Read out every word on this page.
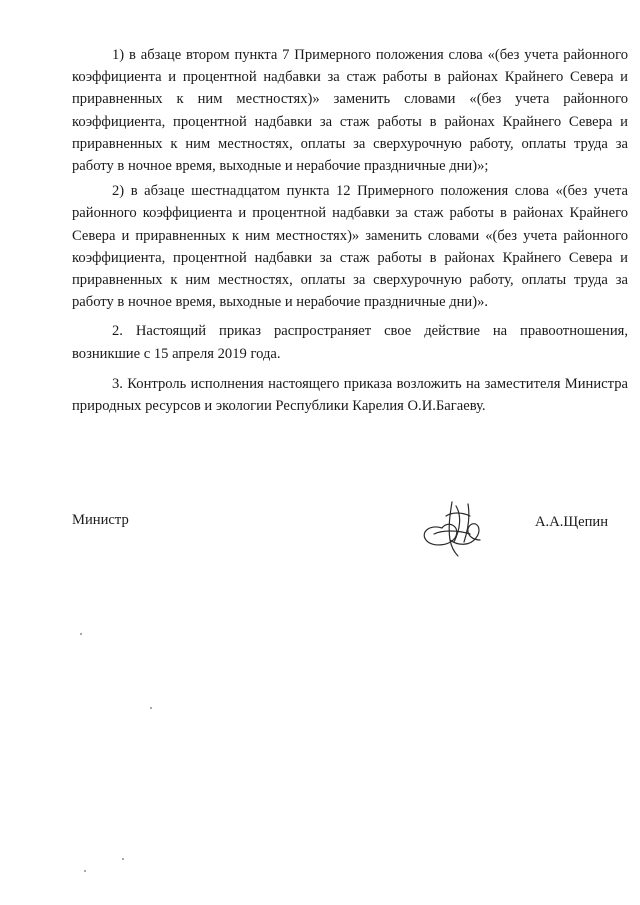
1) в абзаце втором пункта 7 Примерного положения слова «(без учета районного коэффициента и процентной надбавки за стаж работы в районах Крайнего Севера и приравненных к ним местностях)» заменить словами «(без учета районного коэффициента, процентной надбавки за стаж работы в районах Крайнего Севера и приравненных к ним местностях, оплаты за сверхурочную работу, оплаты труда за работу в ночное время, выходные и нерабочие праздничные дни)»;

2) в абзаце шестнадцатом пункта 12 Примерного положения слова «(без учета районного коэффициента и процентной надбавки за стаж работы в районах Крайнего Севера и приравненных к ним местностях)» заменить словами «(без учета районного коэффициента, процентной надбавки за стаж работы в районах Крайнего Севера и приравненных к ним местностях, оплаты за сверхурочную работу, оплаты труда за работу в ночное время, выходные и нерабочие праздничные дни)».

2. Настоящий приказ распространяет свое действие на правоотношения, возникшие с 15 апреля 2019 года.

3. Контроль исполнения настоящего приказа возложить на заместителя Министра природных ресурсов и экологии Республики Карелия О.И.Багаеву.

Министр	А.А.Щепин
